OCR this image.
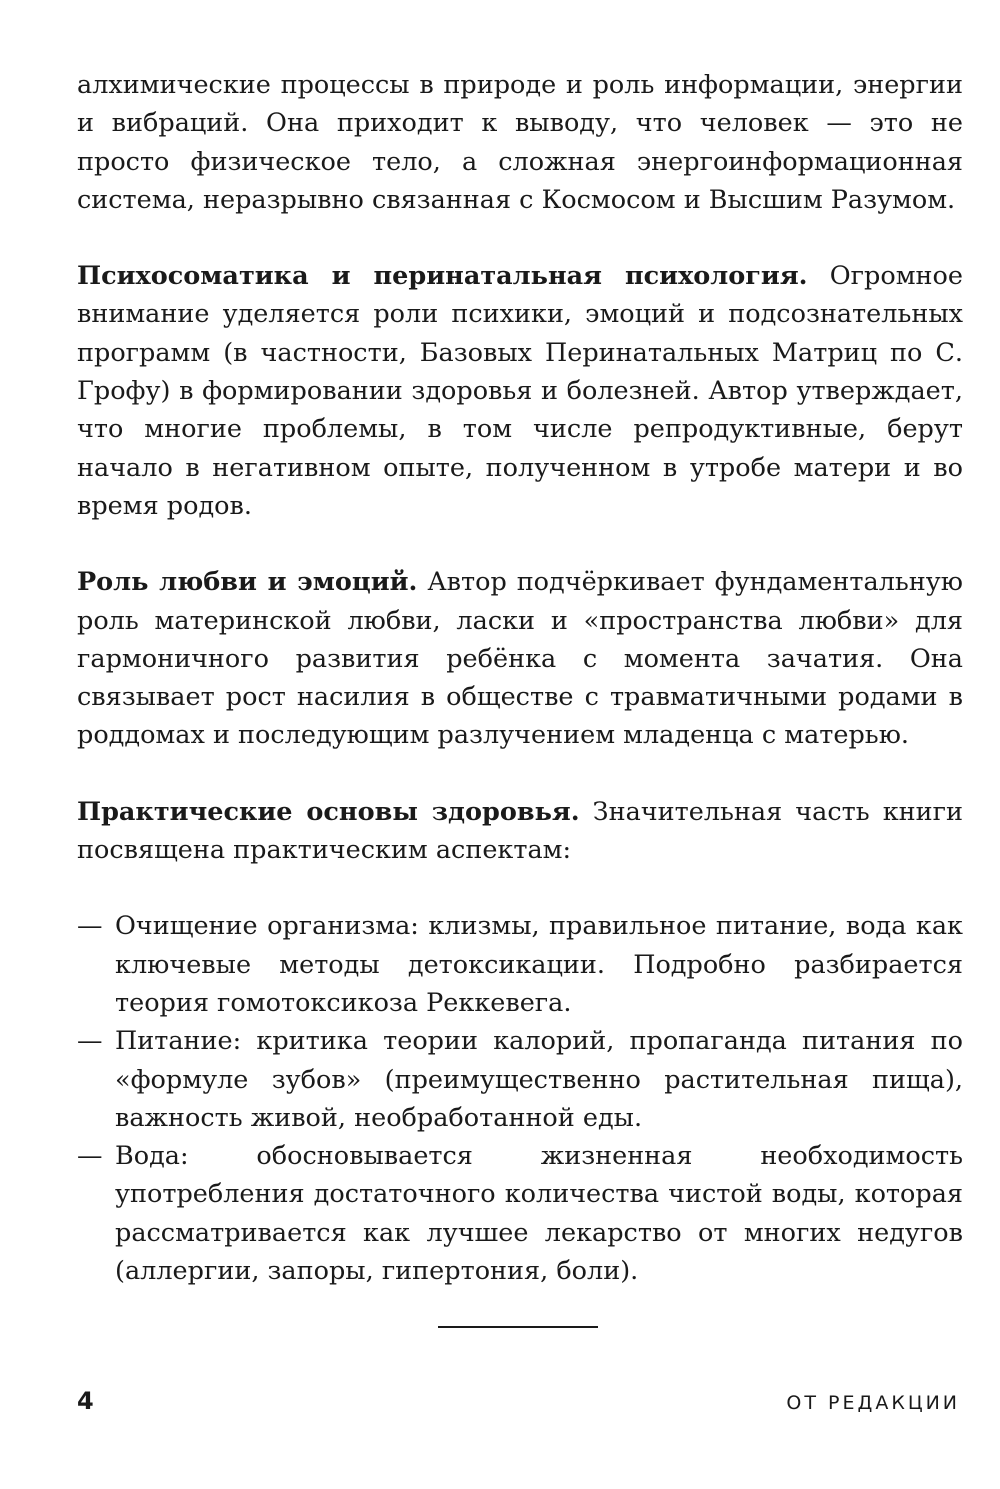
алхимические процессы в природе и роль информации, энергии и вибраций. Она приходит к выводу, что человек — это не просто физическое тело, а сложная энергоинформационная система, неразрывно связанная с Космосом и Высшим Разумом.

Психосоматика и перинатальная психология. Огромное внимание уделяется роли психики, эмоций и подсознательных программ (в частности, Базовых Перинатальных Матриц по С. Грофу) в формировании здоровья и болезней. Автор утверждает, что многие проблемы, в том числе репродуктивные, берут начало в негативном опыте, полученном в утробе матери и во время родов.

Роль любви и эмоций. Автор подчёркивает фундаментальную роль материнской любви, ласки и «пространства любви» для гармоничного развития ребёнка с момента зачатия. Она связывает рост насилия в обществе с травматичными родами в роддомах и последующим разлучением младенца с матерью.

Практические основы здоровья. Значительная часть книги посвящена практическим аспектам:

— Очищение организма: клизмы, правильное питание, вода как ключевые методы детоксикации. Подробно разбирается теория гомотоксикоза Реккевега.
— Питание: критика теории калорий, пропаганда питания по «формуле зубов» (преимущественно растительная пища), важность живой, необработанной еды.
— Вода: обосновывается жизненная необходимость употребления достаточного количества чистой воды, которая рассматривается как лучшее лекарство от многих недугов (аллергии, запоры, гипертония, боли).
4	ОТ РЕДАКЦИИ
